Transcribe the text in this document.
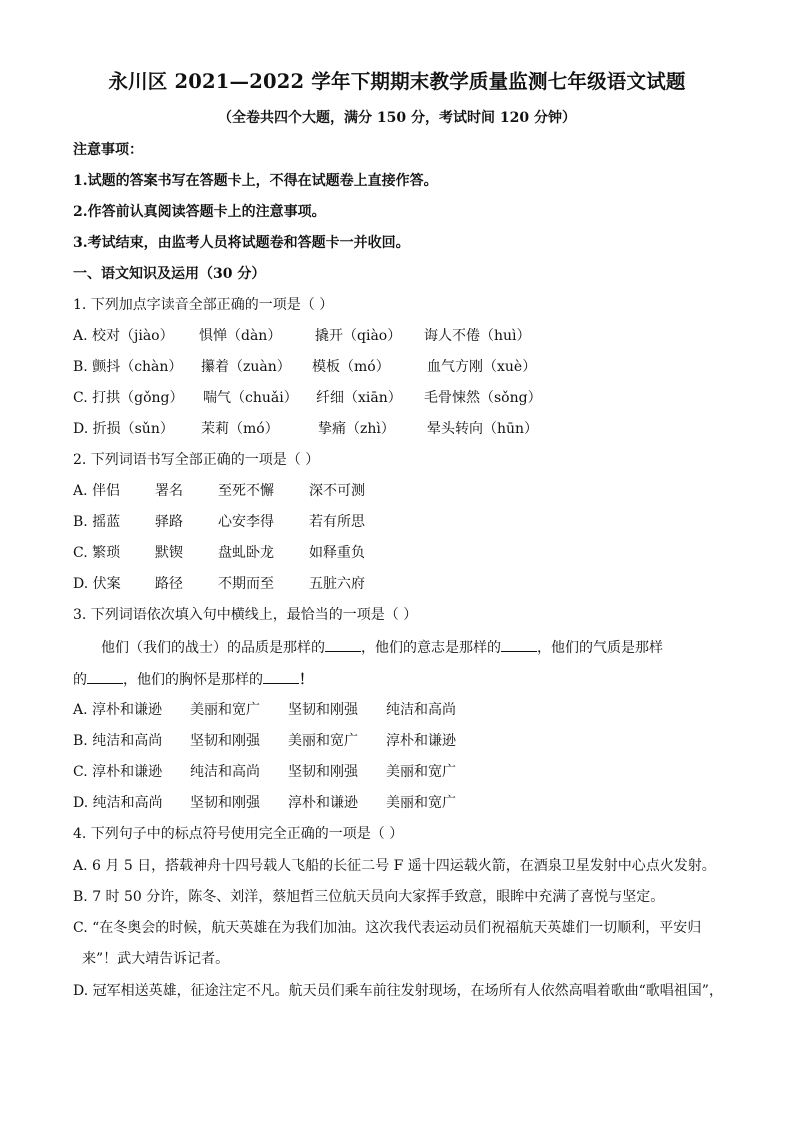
永川区 2021—2022 学年下期期末教学质量监测七年级语文试题
（全卷共四个大题，满分 150 分，考试时间 120 分钟）
注意事项：
1.试题的答案书写在答题卡上，不得在试题卷上直接作答。
2.作答前认真阅读答题卡上的注意事项。
3.考试结束，由监考人员将试题卷和答题卡一并收回。
一、语文知识及运用（30 分）
1. 下列加点字读音全部正确的一项是（ ）
A. 校对（jiào） 惧惮（dàn） 撬开（qiào） 诲人不倦（huì）
B. 颤抖（chàn） 攥着（zuàn） 模板（mó）	血气方刚（xuè）
C. 打拱（gǒng） 喘气（chuǎi） 纤细（xiān） 毛骨悚然（sǒng）
D. 折损（sǔn） 茉莉（mó）	挚痛（zhì） 晕头转向（hūn）
2. 下列词语书写全部正确的一项是（ ）
A. 伴侣 署名	至死不懈	深不可测
B. 摇蓝 驿路	心安李得	若有所思
C. 繁琐 默锲	盘虬卧龙	如释重负
D. 伏案 路径	不期而至	五脏六府
3. 下列词语依次填入句中横线上，最恰当的一项是（ ）
他们（我们的战士）的品质是那样的	，他们的意志是那样的	，他们的气质是那样
的	，他们的胸怀是那样的	！
A. 淳朴和谦逊 美丽和宽广 坚韧和刚强 纯洁和高尚
B. 纯洁和高尚 坚韧和刚强 美丽和宽广 淳朴和谦逊
C. 淳朴和谦逊 纯洁和高尚 坚韧和刚强 美丽和宽广
D. 纯洁和高尚 坚韧和刚强 淳朴和谦逊 美丽和宽广
4. 下列句子中的标点符号使用完全正确的一项是（ ）
A. 6 月 5 日，搭载神舟十四号载人飞船的长征二号 F 遥十四运载火箭，在酒泉卫星发射中心点火发射。
B. 7 时 50 分许，陈冬、刘洋，蔡旭哲三位航天员向大家挥手致意，眼眸中充满了喜悦与坚定。
C. “在冬奥会的时候，航天英雄在为我们加油。这次我代表运动员们祝福航天英雄们一切顺利，平安归
来”！武大靖告诉记者。
D. 冠军相送英雄，征途注定不凡。航天员们乘车前往发射现场，在场所有人依然高唱着歌曲“歌唱祖国”，
